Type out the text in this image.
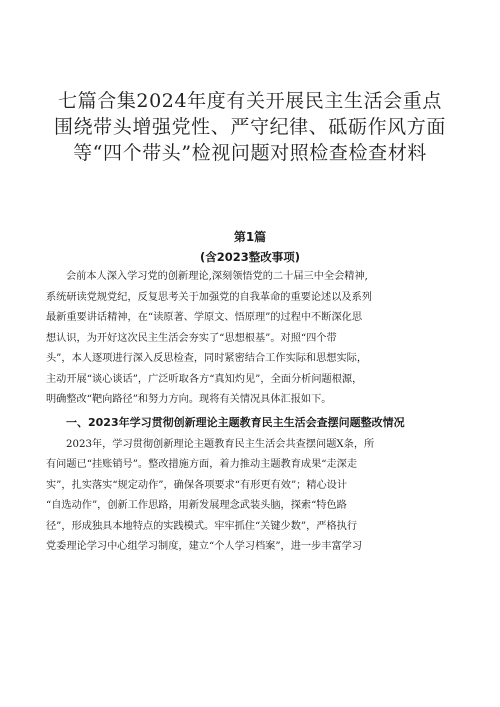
七篇合集2024年度有关开展民主生活会重点
围绕带头增强党性、严守纪律、砥砺作风方面
等“四个带头”检视问题对照检查检查材料
第1篇
(含2023整改事项)

会前本人深入学习党的创新理论,深刻领悟党的二十届三中全会精神,
系统研读党规党纪，反复思考关于加强党的自我革命的重要论述以及系列
最新重要讲话精神，在“读原著、学原文、悟原理”的过程中不断深化思
想认识，为开好这次民主生活会夯实了“思想根基”。对照“四个带
头”，本人逐项进行深入反思检查，同时紧密结合工作实际和思想实际，
主动开展“谈心谈话”，广泛听取各方“真知灼见”，全面分析问题根源，
明确整改“靶向路径”和努力方向。现将有关情况具体汇报如下。

一、2023年学习贯彻创新理论主题教育民主生活会查摆问题整改情况

2023年，学习贯彻创新理论主题教育民主生活会共查摆问题X条，所
有问题已“挂账销号”。整改措施方面，着力推动主题教育成果“走深走
实”，扎实落实“规定动作”，确保各项要求“有形更有效”；精心设计
“自选动作”，创新工作思路，用新发展理念武装头脑，探索“特色路
径”，形成独具本地特点的实践模式。牢牢抓住“关键少数”，严格执行
党委理论学习中心组学习制度，建立“个人学习档案”，进一步丰富学习
